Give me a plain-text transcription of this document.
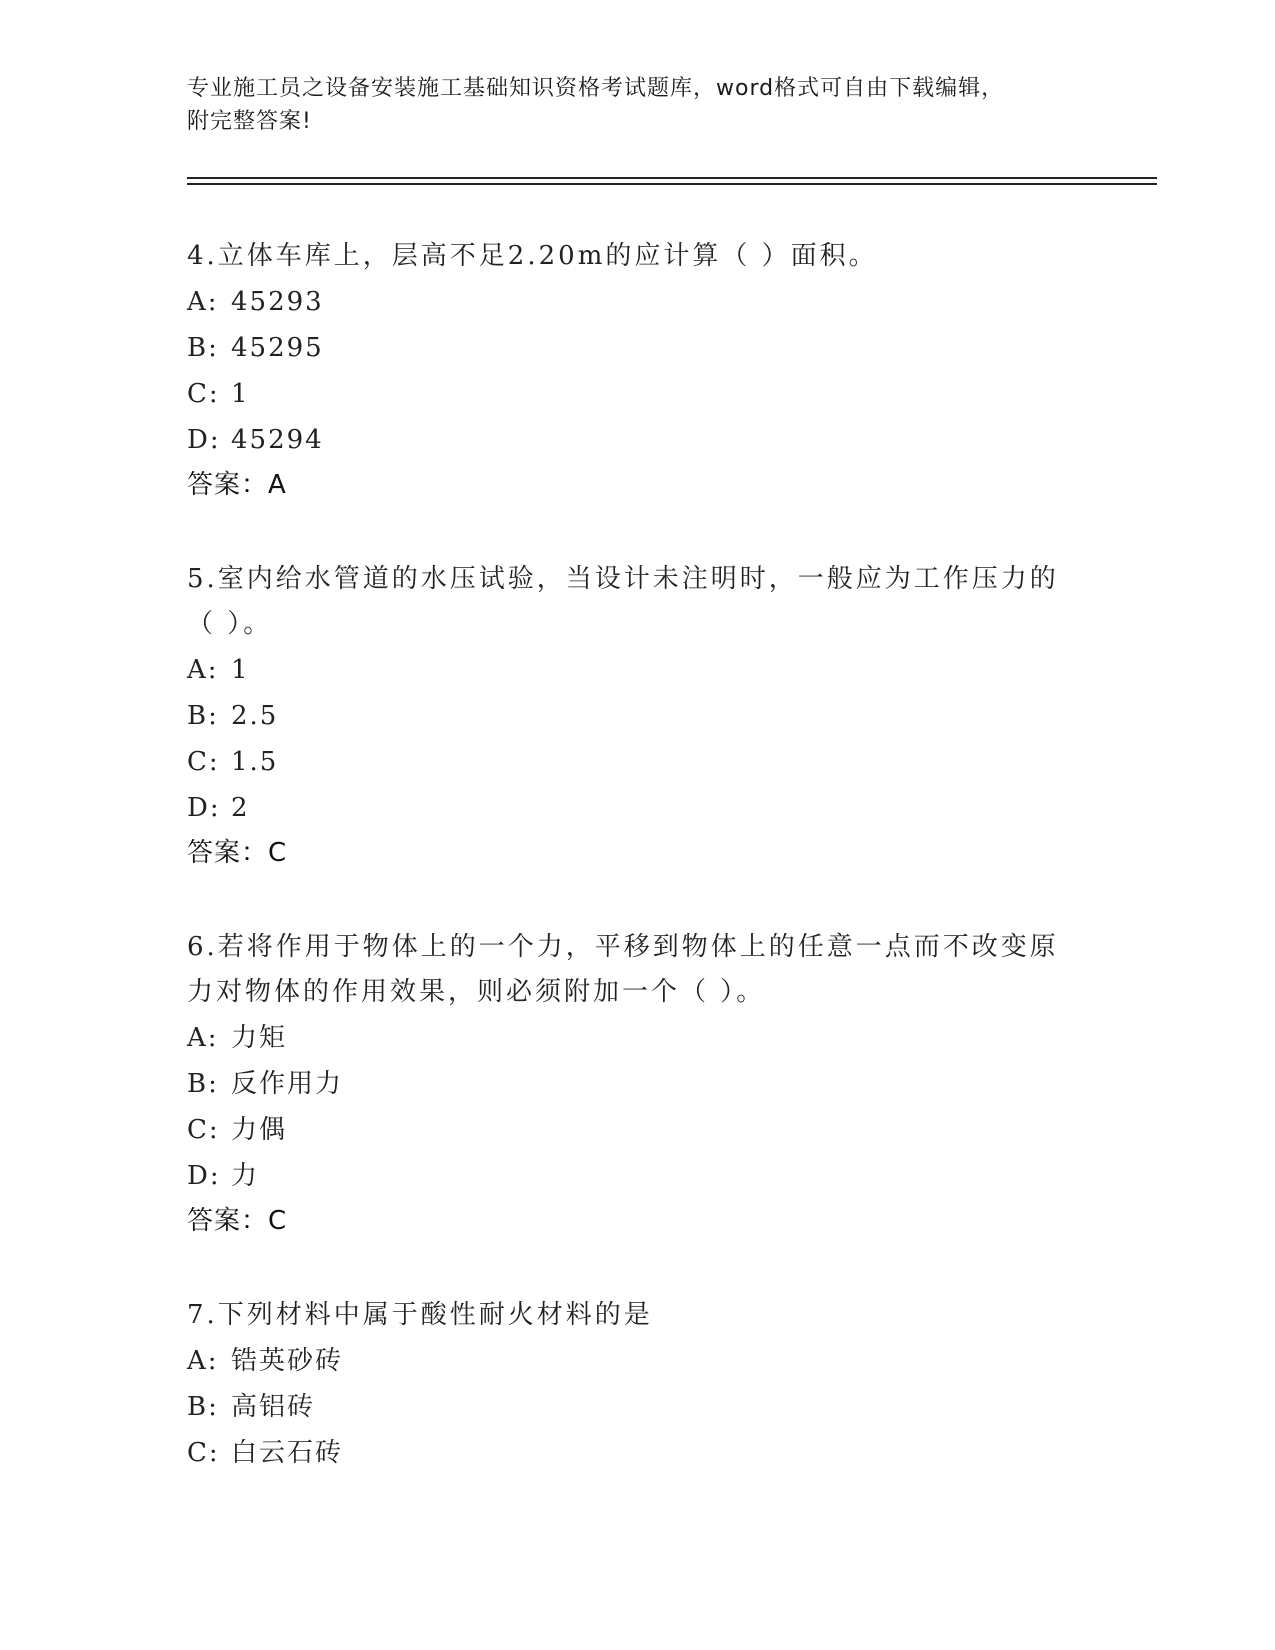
专业施工员之设备安装施工基础知识资格考试题库，word格式可自由下载编辑，
附完整答案!
4.立体车库上，层高不足2.20m的应计算（ ）面积。
A: 45293
B: 45295
C: 1
D: 45294
答案：A
5.室内给水管道的水压试验，当设计未注明时，一般应为工作压力的（ ）。
A: 1
B: 2.5
C: 1.5
D: 2
答案：C
6.若将作用于物体上的一个力，平移到物体上的任意一点而不改变原力对物体的作用效果，则必须附加一个（ ）。
A: 力矩
B: 反作用力
C: 力偶
D: 力
答案：C
7.下列材料中属于酸性耐火材料的是
A: 锆英砂砖
B: 高铝砖
C: 白云石砖
